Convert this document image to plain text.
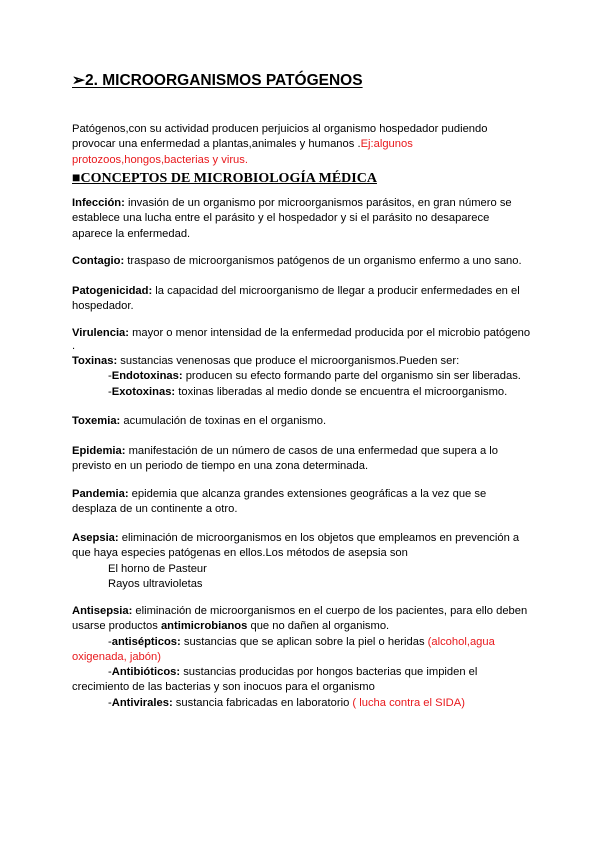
➢2. MICROORGANISMOS PATÓGENOS
Patógenos,con su actividad producen perjuicios al organismo hospedador pudiendo
provocar una enfermedad a plantas,animales y humanos .Ej:algunos
protozoos,hongos,bacterias y virus.
■CONCEPTOS DE MICROBIOLOGÍA MÉDICA
Infección: invasión de un organismo por microorganismos parásitos, en gran número se
establece una lucha entre el parásito y el hospedador y si el parásito no desaparece
aparece la enfermedad.
Contagio: traspaso de microorganismos patógenos de un organismo enfermo a uno sano.
Patogenicidad: la capacidad del microorganismo de llegar a producir enfermedades en el
hospedador.
Virulencia: mayor o menor intensidad de la enfermedad producida por el microbio patógeno
.
Toxinas: sustancias venenosas que produce el microorganismos.Pueden ser:
-Endotoxinas: producen su efecto formando parte del organismo sin ser liberadas.
-Exotoxinas: toxinas liberadas al medio donde se encuentra el microorganismo.
Toxemia: acumulación de toxinas en el organismo.
Epidemia: manifestación de un número de casos de una enfermedad que supera a lo
previsto en un periodo de tiempo en una zona determinada.
Pandemia: epidemia que alcanza grandes extensiones geográficas a la vez que se
desplaza de un continente a otro.
Asepsia: eliminación de microorganismos en los objetos que empleamos en prevención a
que haya especies patógenas en ellos.Los métodos de asepsia son
El horno de Pasteur
Rayos ultravioletas
Antisepsia: eliminación de microorganismos en el cuerpo de los pacientes, para ello deben
usarse productos antimicrobianos que no dañen al organismo.
-antisépticos: sustancias que se aplican sobre la piel o heridas (alcohol,agua
oxigenada, jabón)
-Antibióticos: sustancias producidas por hongos bacterias que impiden el
crecimiento de las bacterias y son inocuos para el organismo
-Antivirales: sustancia fabricadas en laboratorio ( lucha contra el SIDA)
